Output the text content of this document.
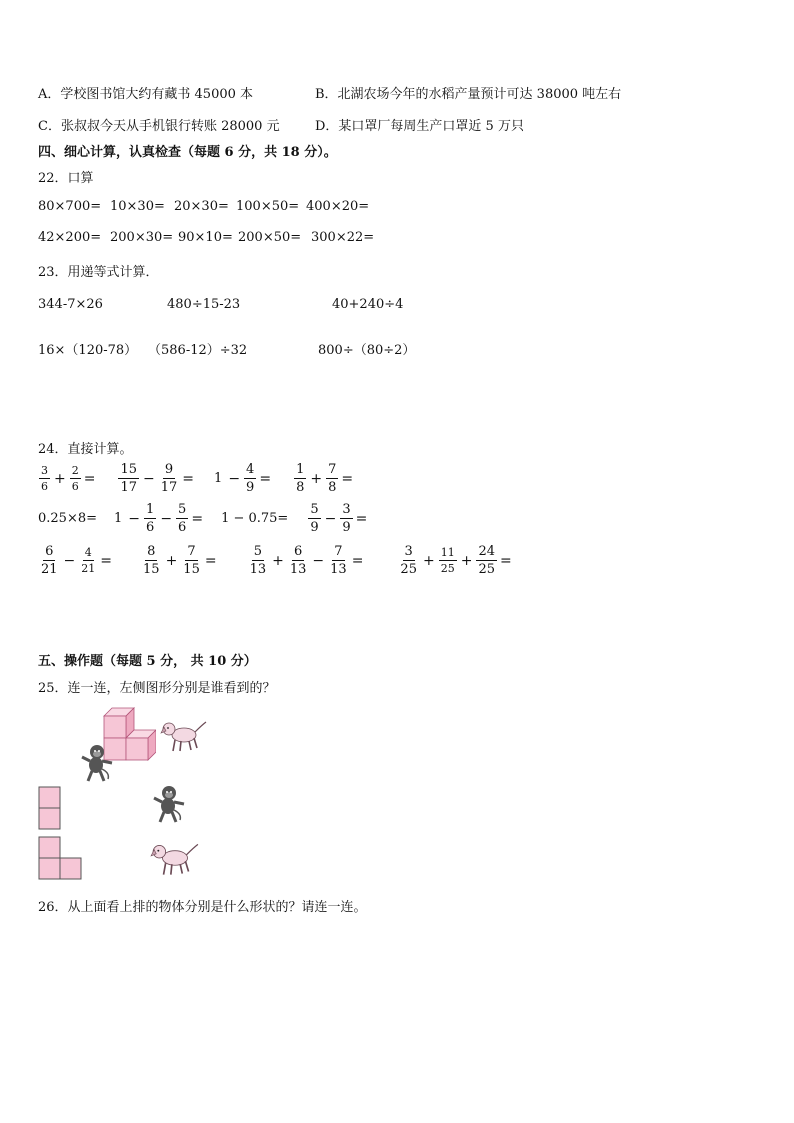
A．学校图书馆大约有藏书 45000 本	B．北湖农场今年的水稻产量预计可达 38000 吨左右
C．张叔叔今天从手机银行转账 28000 元	D．某口罩厂每周生产口罩近 5 万只
四、细心计算，认真检查（每题 6 分，共 18 分）。
22．口算
80×700= 10×30= 20×30= 100×50= 400×20=
42×200= 200×30= 90×10= 200×50= 300×22=
23．用递等式计算．
344-7×26	480÷15-23	40+240÷4
16×（120-78） （586-12）÷32	800÷（80÷2）
24．直接计算。
$\frac{3}{6} + \frac{2}{6} = \frac{15}{17} - \frac{9}{17} = 1 - \frac{4}{9} = \frac{1}{8} + \frac{7}{8}$ =
$0.25\times 8= 1 - \frac{1}{6} - \frac{5}{6} = 1 - 0.75= \frac{5}{9} - \frac{3}{9}$ =
$\frac{6}{21} - \frac{4}{21} = \frac{8}{15} + \frac{7}{15} = \frac{5}{13} + \frac{6}{13} - \frac{7}{13}$ =	$\frac{3}{25} + \frac{11}{25} + \frac{24}{25}$ =
五、操作题（每题 5 分， 共 10 分）
25．连一连，左侧图形分别是谁看到的？
26．从上面看上排的物体分别是什么形状的？请连一连。
